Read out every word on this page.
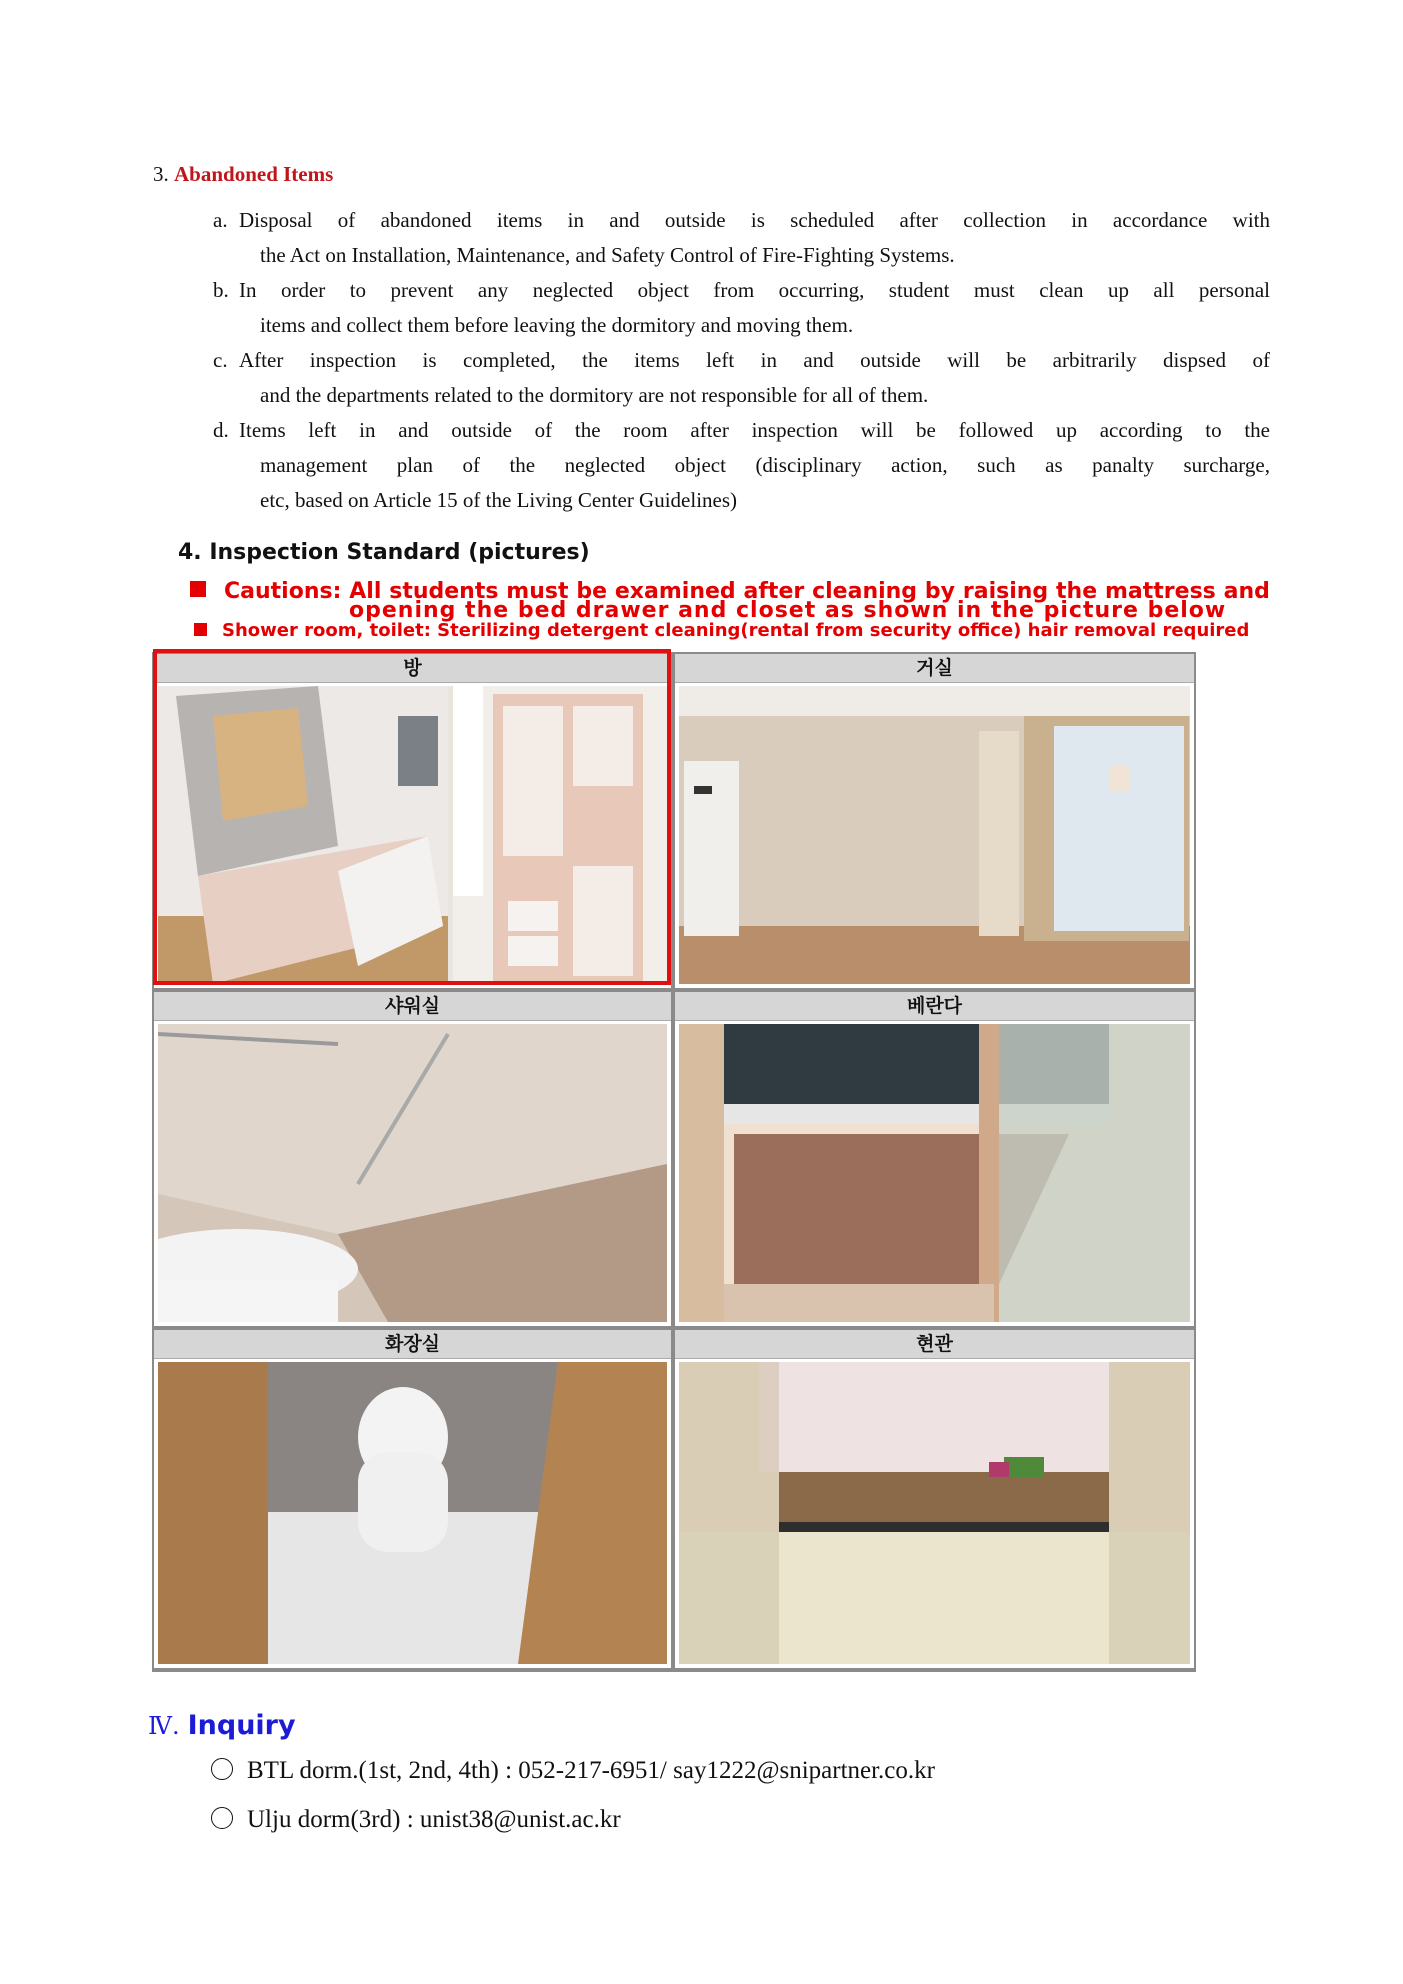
3. Abandoned Items
a. Disposal of abandoned items in and outside is scheduled after collection in accordance with
the Act on Installation, Maintenance, and Safety Control of Fire-Fighting Systems.
b. In order to prevent any neglected object from occurring, student must clean up all personal
items and collect them before leaving the dormitory and moving them.
c. After inspection is completed, the items left in and outside will be arbitrarily dispsed of
and the departments related to the dormitory are not responsible for all of them.
d. Items left in and outside of the room after inspection will be followed up according to the
management plan of the neglected object (disciplinary action, such as panalty surcharge,
etc, based on Article 15 of the Living Center Guidelines)
4. Inspection Standard (pictures)
Cautions: All students must be examined after cleaning by raising the mattress and
opening the bed drawer and closet as shown in the picture below
Shower room, toilet: Sterilizing detergent cleaning(rental from security office) hair removal required
방	거실
샤워실	베란다
화장실	현관
Ⅳ. Inquiry
BTL dorm.(1st, 2nd, 4th) : 052-217-6951/ say1222@snipartner.co.kr
Ulju dorm(3rd) : unist38@unist.ac.kr
